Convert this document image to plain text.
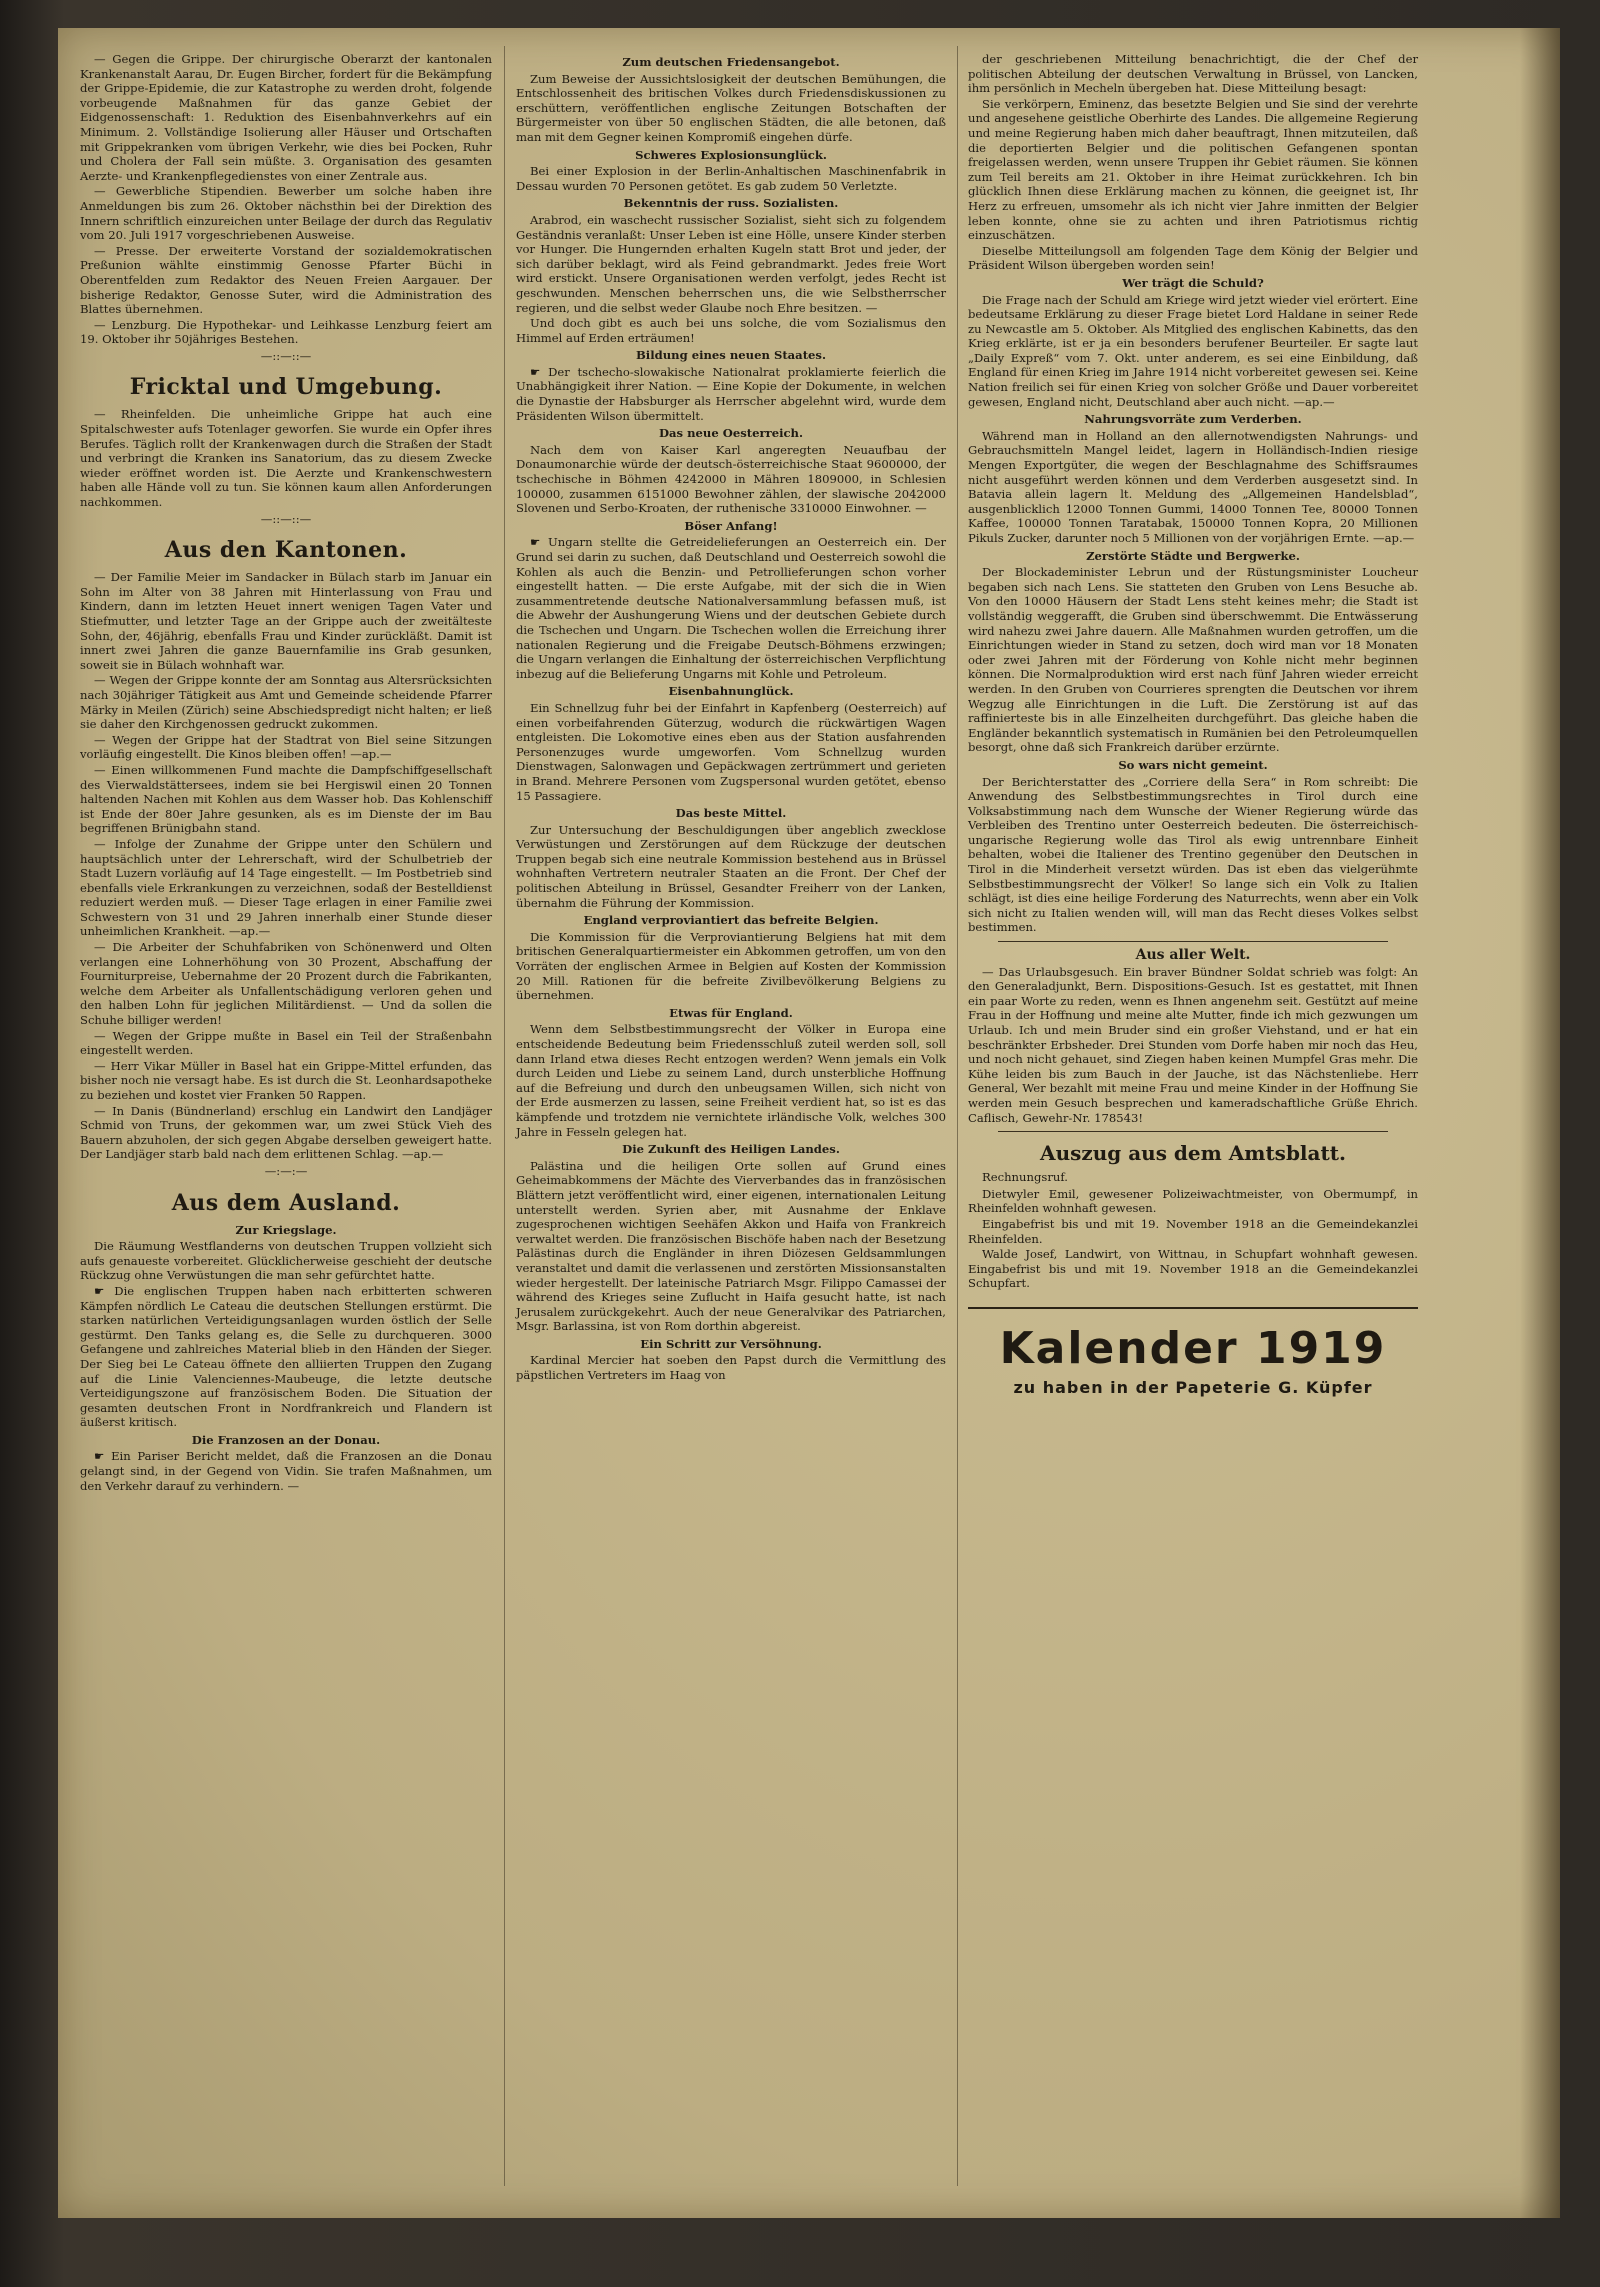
— Gegen die Grippe. Der chirurgische Oberarzt der kantonalen Krankenanstalt Aarau, Dr. Eugen Bircher, fordert für die Bekämpfung der Grippe-Epidemie, die zur Katastrophe zu werden droht, folgende vorbeugende Maßnahmen für das ganze Gebiet der Eidgenossenschaft: 1. Reduktion des Eisenbahnverkehrs auf ein Minimum. 2. Vollständige Isolierung aller Häuser und Ortschaften mit Grippekranken vom übrigen Verkehr, wie dies bei Pocken, Ruhr und Cholera der Fall sein müßte. 3. Organisation des gesamten Aerzte- und Krankenpflegedienstes von einer Zentrale aus.

— Gewerbliche Stipendien. Bewerber um solche haben ihre Anmeldungen bis zum 26. Oktober nächsthin bei der Direktion des Innern schriftlich einzureichen unter Beilage der durch das Regulativ vom 20. Juli 1917 vorgeschriebenen Ausweise.

— Presse. Der erweiterte Vorstand der sozialdemokratischen Preßunion wählte einstimmig Genosse Pfarter Büchi in Oberentfelden zum Redaktor des Neuen Freien Aargauer. Der bisherige Redaktor, Genosse Suter, wird die Administration des Blattes übernehmen.

— Lenzburg. Die Hypothekar- und Leihkasse Lenzburg feiert am 19. Oktober ihr 50jähriges Bestehen.

—::—::—

Fricktal und Umgebung.

— Rheinfelden. Die unheimliche Grippe hat auch eine Spitalschwester aufs Totenlager geworfen. Sie wurde ein Opfer ihres Berufes. Täglich rollt der Krankenwagen durch die Straßen der Stadt und verbringt die Kranken ins Sanatorium, das zu diesem Zwecke wieder eröffnet worden ist. Die Aerzte und Krankenschwestern haben alle Hände voll zu tun. Sie können kaum allen Anforderungen nachkommen.

—::—::—

Aus den Kantonen.

— Der Familie Meier im Sandacker in Bülach starb im Januar ein Sohn im Alter von 38 Jahren mit Hinterlassung von Frau und Kindern, dann im letzten Heuet innert wenigen Tagen Vater und Stiefmutter, und letzter Tage an der Grippe auch der zweitälteste Sohn, der, 46jährig, ebenfalls Frau und Kinder zurückläßt. Damit ist innert zwei Jahren die ganze Bauernfamilie ins Grab gesunken, soweit sie in Bülach wohnhaft war.

— Wegen der Grippe konnte der am Sonntag aus Altersrücksichten nach 30jähriger Tätigkeit aus Amt und Gemeinde scheidende Pfarrer Märky in Meilen (Zürich) seine Abschiedspredigt nicht halten; er ließ sie daher den Kirchgenossen gedruckt zukommen.

— Wegen der Grippe hat der Stadtrat von Biel seine Sitzungen vorläufig eingestellt. Die Kinos bleiben offen! —ap.—

— Einen willkommenen Fund machte die Dampfschiffgesellschaft des Vierwaldstättersees, indem sie bei Hergiswil einen 20 Tonnen haltenden Nachen mit Kohlen aus dem Wasser hob. Das Kohlenschiff ist Ende der 80er Jahre gesunken, als es im Dienste der im Bau begriffenen Brünigbahn stand.

— Infolge der Zunahme der Grippe unter den Schülern und hauptsächlich unter der Lehrerschaft, wird der Schulbetrieb der Stadt Luzern vorläufig auf 14 Tage eingestellt. — Im Postbetrieb sind ebenfalls viele Erkrankungen zu verzeichnen, sodaß der Bestelldienst reduziert werden muß. — Dieser Tage erlagen in einer Familie zwei Schwestern von 31 und 29 Jahren innerhalb einer Stunde dieser unheimlichen Krankheit. —ap.—

— Die Arbeiter der Schuhfabriken von Schönenwerd und Olten verlangen eine Lohnerhöhung von 30 Prozent, Abschaffung der Fourniturpreise, Uebernahme der 20 Prozent durch die Fabrikanten, welche dem Arbeiter als Unfallentschädigung verloren gehen und den halben Lohn für jeglichen Militärdienst. — Und da sollen die Schuhe billiger werden!

— Wegen der Grippe mußte in Basel ein Teil der Straßenbahn eingestellt werden.

— Herr Vikar Müller in Basel hat ein Grippe-Mittel erfunden, das bisher noch nie versagt habe. Es ist durch die St. Leonhardsapotheke zu beziehen und kostet vier Franken 50 Rappen.

— In Danis (Bündnerland) erschlug ein Landwirt den Landjäger Schmid von Truns, der gekommen war, um zwei Stück Vieh des Bauern abzuholen, der sich gegen Abgabe derselben geweigert hatte. Der Landjäger starb bald nach dem erlittenen Schlag. —ap.—

—:—:—

Aus dem Ausland.
Zur Kriegslage.

Die Räumung Westflanderns von deutschen Truppen vollzieht sich aufs genaueste vorbereitet. Glücklicherweise geschieht der deutsche Rückzug ohne Verwüstungen die man sehr gefürchtet hatte.

☛ Die englischen Truppen haben nach erbitterten schweren Kämpfen nördlich Le Cateau die deutschen Stellungen erstürmt. Die starken natürlichen Verteidigungsanlagen wurden östlich der Selle gestürmt. Den Tanks gelang es, die Selle zu durchqueren. 3000 Gefangene und zahlreiches Material blieb in den Händen der Sieger. Der Sieg bei Le Cateau öffnete den alliierten Truppen den Zugang auf die Linie Valenciennes-Maubeuge, die letzte deutsche Verteidigungszone auf französischem Boden. Die Situation der gesamten deutschen Front in Nordfrankreich und Flandern ist äußerst kritisch.

Die Franzosen an der Donau.

☛ Ein Pariser Bericht meldet, daß die Franzosen an die Donau gelangt sind, in der Gegend von Vidin. Sie trafen Maßnahmen, um den Verkehr darauf zu verhindern. —

Zum deutschen Friedensangebot.

Zum Beweise der Aussichtslosigkeit der deutschen Bemühungen, die Entschlossenheit des britischen Volkes durch Friedensdiskussionen zu erschüttern, veröffentlichen englische Zeitungen Botschaften der Bürgermeister von über 50 englischen Städten, die alle betonen, daß man mit dem Gegner keinen Kompromiß eingehen dürfe.

Schweres Explosionsunglück.

Bei einer Explosion in der Berlin-Anhaltischen Maschinenfabrik in Dessau wurden 70 Personen getötet. Es gab zudem 50 Verletzte.

Bekenntnis der russ. Sozialisten.

Arabrod, ein waschecht russischer Sozialist, sieht sich zu folgendem Geständnis veranlaßt: Unser Leben ist eine Hölle, unsere Kinder sterben vor Hunger. Die Hungernden erhalten Kugeln statt Brot und jeder, der sich darüber beklagt, wird als Feind gebrandmarkt. Jedes freie Wort wird erstickt. Unsere Organisationen werden verfolgt, jedes Recht ist geschwunden. Menschen beherrschen uns, die wie Selbstherrscher regieren, und die selbst weder Glaube noch Ehre besitzen. —

Und doch gibt es auch bei uns solche, die vom Sozialismus den Himmel auf Erden erträumen!

Bildung eines neuen Staates.

☛ Der tschecho-slowakische Nationalrat proklamierte feierlich die Unabhängigkeit ihrer Nation. — Eine Kopie der Dokumente, in welchen die Dynastie der Habsburger als Herrscher abgelehnt wird, wurde dem Präsidenten Wilson übermittelt.

Das neue Oesterreich.

Nach dem von Kaiser Karl angeregten Neuaufbau der Donaumonarchie würde der deutsch-österreichische Staat 9600000, der tschechische in Böhmen 4242000 in Mähren 1809000, in Schlesien 100000, zusammen 6151000 Bewohner zählen, der slawische 2042000 Slovenen und Serbo-Kroaten, der ruthenische 3310000 Einwohner. —

Böser Anfang!

☛ Ungarn stellte die Getreidelieferungen an Oesterreich ein. Der Grund sei darin zu suchen, daß Deutschland und Oesterreich sowohl die Kohlen als auch die Benzin- und Petrollieferungen schon vorher eingestellt hatten. — Die erste Aufgabe, mit der sich die in Wien zusammentretende deutsche Nationalversammlung befassen muß, ist die Abwehr der Aushungerung Wiens und der deutschen Gebiete durch die Tschechen und Ungarn. Die Tschechen wollen die Erreichung ihrer nationalen Regierung und die Freigabe Deutsch-Böhmens erzwingen; die Ungarn verlangen die Einhaltung der österreichischen Verpflichtung inbezug auf die Belieferung Ungarns mit Kohle und Petroleum.

Eisenbahnunglück.

Ein Schnellzug fuhr bei der Einfahrt in Kapfenberg (Oesterreich) auf einen vorbeifahrenden Güterzug, wodurch die rückwärtigen Wagen entgleisten. Die Lokomotive eines eben aus der Station ausfahrenden Personenzuges wurde umgeworfen. Vom Schnellzug wurden Dienstwagen, Salonwagen und Gepäckwagen zertrümmert und gerieten in Brand. Mehrere Personen vom Zugspersonal wurden getötet, ebenso 15 Passagiere.

Das beste Mittel.

Zur Untersuchung der Beschuldigungen über angeblich zwecklose Verwüstungen und Zerstörungen auf dem Rückzuge der deutschen Truppen begab sich eine neutrale Kommission bestehend aus in Brüssel wohnhaften Vertretern neutraler Staaten an die Front. Der Chef der politischen Abteilung in Brüssel, Gesandter Freiherr von der Lanken, übernahm die Führung der Kommission.

England verproviantiert das befreite Belgien.

Die Kommission für die Verproviantierung Belgiens hat mit dem britischen Generalquartiermeister ein Abkommen getroffen, um von den Vorräten der englischen Armee in Belgien auf Kosten der Kommission 20 Mill. Rationen für die befreite Zivilbevölkerung Belgiens zu übernehmen.

Etwas für England.

Wenn dem Selbstbestimmungsrecht der Völker in Europa eine entscheidende Bedeutung beim Friedensschluß zuteil werden soll, soll dann Irland etwa dieses Recht entzogen werden? Wenn jemals ein Volk durch Leiden und Liebe zu seinem Land, durch unsterbliche Hoffnung auf die Befreiung und durch den unbeugsamen Willen, sich nicht von der Erde ausmerzen zu lassen, seine Freiheit verdient hat, so ist es das kämpfende und trotzdem nie vernichtete irländische Volk, welches 300 Jahre in Fesseln gelegen hat.

Die Zukunft des Heiligen Landes.

Palästina und die heiligen Orte sollen auf Grund eines Geheimabkommens der Mächte des Vierverbandes das in französischen Blättern jetzt veröffentlicht wird, einer eigenen, internationalen Leitung unterstellt werden. Syrien aber, mit Ausnahme der Enklave zugesprochenen wichtigen Seehäfen Akkon und Haifa von Frankreich verwaltet werden. Die französischen Bischöfe haben nach der Besetzung Palästinas durch die Engländer in ihren Diözesen Geldsammlungen veranstaltet und damit die verlassenen und zerstörten Missionsanstalten wieder hergestellt. Der lateinische Patriarch Msgr. Filippo Camassei der während des Krieges seine Zuflucht in Haifa gesucht hatte, ist nach Jerusalem zurückgekehrt. Auch der neue Generalvikar des Patriarchen, Msgr. Barlassina, ist von Rom dorthin abgereist.

Ein Schritt zur Versöhnung.

Kardinal Mercier hat soeben den Papst durch die Vermittlung des päpstlichen Vertreters im Haag von

der geschriebenen Mitteilung benachrichtigt, die der Chef der politischen Abteilung der deutschen Verwaltung in Brüssel, von Lancken, ihm persönlich in Mecheln übergeben hat. Diese Mitteilung besagt:

Sie verkörpern, Eminenz, das besetzte Belgien und Sie sind der verehrte und angesehene geistliche Oberhirte des Landes. Die allgemeine Regierung und meine Regierung haben mich daher beauftragt, Ihnen mitzuteilen, daß die deportierten Belgier und die politischen Gefangenen spontan freigelassen werden, wenn unsere Truppen ihr Gebiet räumen. Sie können zum Teil bereits am 21. Oktober in ihre Heimat zurückkehren. Ich bin glücklich Ihnen diese Erklärung machen zu können, die geeignet ist, Ihr Herz zu erfreuen, umsomehr als ich nicht vier Jahre inmitten der Belgier leben konnte, ohne sie zu achten und ihren Patriotismus richtig einzuschätzen.

Dieselbe Mitteilungsoll am folgenden Tage dem König der Belgier und Präsident Wilson übergeben worden sein!

Wer trägt die Schuld?

Die Frage nach der Schuld am Kriege wird jetzt wieder viel erörtert. Eine bedeutsame Erklärung zu dieser Frage bietet Lord Haldane in seiner Rede zu Newcastle am 5. Oktober. Als Mitglied des englischen Kabinetts, das den Krieg erklärte, ist er ja ein besonders berufener Beurteiler. Er sagte laut „Daily Expreß“ vom 7. Okt. unter anderem, es sei eine Einbildung, daß England für einen Krieg im Jahre 1914 nicht vorbereitet gewesen sei. Keine Nation freilich sei für einen Krieg von solcher Größe und Dauer vorbereitet gewesen, England nicht, Deutschland aber auch nicht. —ap.—

Nahrungsvorräte zum Verderben.

Während man in Holland an den allernotwendigsten Nahrungs- und Gebrauchsmitteln Mangel leidet, lagern in Holländisch-Indien riesige Mengen Exportgüter, die wegen der Beschlagnahme des Schiffsraumes nicht ausgeführt werden können und dem Verderben ausgesetzt sind. In Batavia allein lagern lt. Meldung des „Allgemeinen Handelsblad“, ausgenblicklich 12000 Tonnen Gummi, 14000 Tonnen Tee, 80000 Tonnen Kaffee, 100000 Tonnen Taratabak, 150000 Tonnen Kopra, 20 Millionen Pikuls Zucker, darunter noch 5 Millionen von der vorjährigen Ernte. —ap.—

Zerstörte Städte und Bergwerke.

Der Blockademinister Lebrun und der Rüstungsminister Loucheur begaben sich nach Lens. Sie statteten den Gruben von Lens Besuche ab. Von den 10000 Häusern der Stadt Lens steht keines mehr; die Stadt ist vollständig weggerafft, die Gruben sind überschwemmt. Die Entwässerung wird nahezu zwei Jahre dauern. Alle Maßnahmen wurden getroffen, um die Einrichtungen wieder in Stand zu setzen, doch wird man vor 18 Monaten oder zwei Jahren mit der Förderung von Kohle nicht mehr beginnen können. Die Normalproduktion wird erst nach fünf Jahren wieder erreicht werden. In den Gruben von Courrieres sprengten die Deutschen vor ihrem Wegzug alle Einrichtungen in die Luft. Die Zerstörung ist auf das raffinierteste bis in alle Einzelheiten durchgeführt. Das gleiche haben die Engländer bekanntlich systematisch in Rumänien bei den Petroleumquellen besorgt, ohne daß sich Frankreich darüber erzürnte.

So wars nicht gemeint.

Der Berichterstatter des „Corriere della Sera“ in Rom schreibt: Die Anwendung des Selbstbestimmungsrechtes in Tirol durch eine Volksabstimmung nach dem Wunsche der Wiener Regierung würde das Verbleiben des Trentino unter Oesterreich bedeuten. Die österreichisch-ungarische Regierung wolle das Tirol als ewig untrennbare Einheit behalten, wobei die Italiener des Trentino gegenüber den Deutschen in Tirol in die Minderheit versetzt würden. Das ist eben das vielgerühmte Selbstbestimmungsrecht der Völker! So lange sich ein Volk zu Italien schlägt, ist dies eine heilige Forderung des Naturrechts, wenn aber ein Volk sich nicht zu Italien wenden will, will man das Recht dieses Volkes selbst bestimmen.

Aus aller Welt.

— Das Urlaubsgesuch. Ein braver Bündner Soldat schrieb was folgt: An den Generaladjunkt, Bern. Dispositions-Gesuch. Ist es gestattet, mit Ihnen ein paar Worte zu reden, wenn es Ihnen angenehm seit. Gestützt auf meine Frau in der Hoffnung und meine alte Mutter, finde ich mich gezwungen um Urlaub. Ich und mein Bruder sind ein großer Viehstand, und er hat ein beschränkter Erbsheder. Drei Stunden vom Dorfe haben mir noch das Heu, und noch nicht gehauet, sind Ziegen haben keinen Mumpfel Gras mehr. Die Kühe leiden bis zum Bauch in der Jauche, ist das Nächstenliebe. Herr General, Wer bezahlt mit meine Frau und meine Kinder in der Hoffnung Sie werden mein Gesuch besprechen und kameradschaftliche Grüße Ehrich. Caflisch, Gewehr-Nr. 178543!

Auszug aus dem Amtsblatt.
Rechnungsruf.

Dietwyler Emil, gewesener Polizeiwachtmeister, von Obermumpf, in Rheinfelden wohnhaft gewesen.

Eingabefrist bis und mit 19. November 1918 an die Gemeindekanzlei Rheinfelden.

Walde Josef, Landwirt, von Wittnau, in Schupfart wohnhaft gewesen. Eingabefrist bis und mit 19. November 1918 an die Gemeindekanzlei Schupfart.

Kalender 1919
zu haben in der Papeterie G. Küpfer
